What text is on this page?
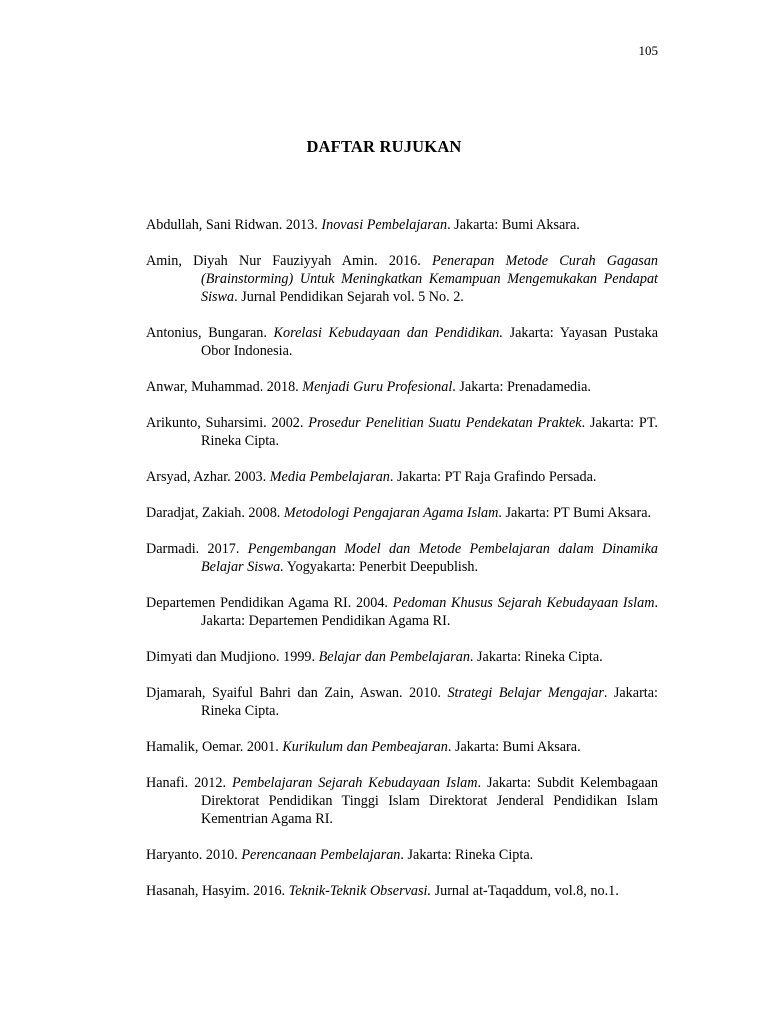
105
DAFTAR RUJUKAN
Abdullah, Sani Ridwan. 2013. Inovasi Pembelajaran. Jakarta: Bumi Aksara.
Amin, Diyah Nur Fauziyyah Amin. 2016. Penerapan Metode Curah Gagasan (Brainstorming) Untuk Meningkatkan Kemampuan Mengemukakan Pendapat Siswa. Jurnal Pendidikan Sejarah vol. 5 No. 2.
Antonius, Bungaran. Korelasi Kebudayaan dan Pendidikan. Jakarta: Yayasan Pustaka Obor Indonesia.
Anwar, Muhammad. 2018. Menjadi Guru Profesional. Jakarta: Prenadamedia.
Arikunto, Suharsimi. 2002. Prosedur Penelitian Suatu Pendekatan Praktek. Jakarta: PT. Rineka Cipta.
Arsyad, Azhar. 2003. Media Pembelajaran. Jakarta: PT Raja Grafindo Persada.
Daradjat, Zakiah. 2008. Metodologi Pengajaran Agama Islam. Jakarta: PT Bumi Aksara.
Darmadi. 2017. Pengembangan Model dan Metode Pembelajaran dalam Dinamika Belajar Siswa. Yogyakarta: Penerbit Deepublish.
Departemen Pendidikan Agama RI. 2004. Pedoman Khusus Sejarah Kebudayaan Islam. Jakarta: Departemen Pendidikan Agama RI.
Dimyati dan Mudjiono. 1999. Belajar dan Pembelajaran. Jakarta: Rineka Cipta.
Djamarah, Syaiful Bahri dan Zain, Aswan. 2010. Strategi Belajar Mengajar. Jakarta: Rineka Cipta.
Hamalik, Oemar. 2001. Kurikulum dan Pembeajaran. Jakarta: Bumi Aksara.
Hanafi. 2012. Pembelajaran Sejarah Kebudayaan Islam. Jakarta: Subdit Kelembagaan Direktorat Pendidikan Tinggi Islam Direktorat Jenderal Pendidikan Islam Kementrian Agama RI.
Haryanto. 2010. Perencanaan Pembelajaran. Jakarta: Rineka Cipta.
Hasanah, Hasyim. 2016. Teknik-Teknik Observasi. Jurnal at-Taqaddum, vol.8, no.1.
